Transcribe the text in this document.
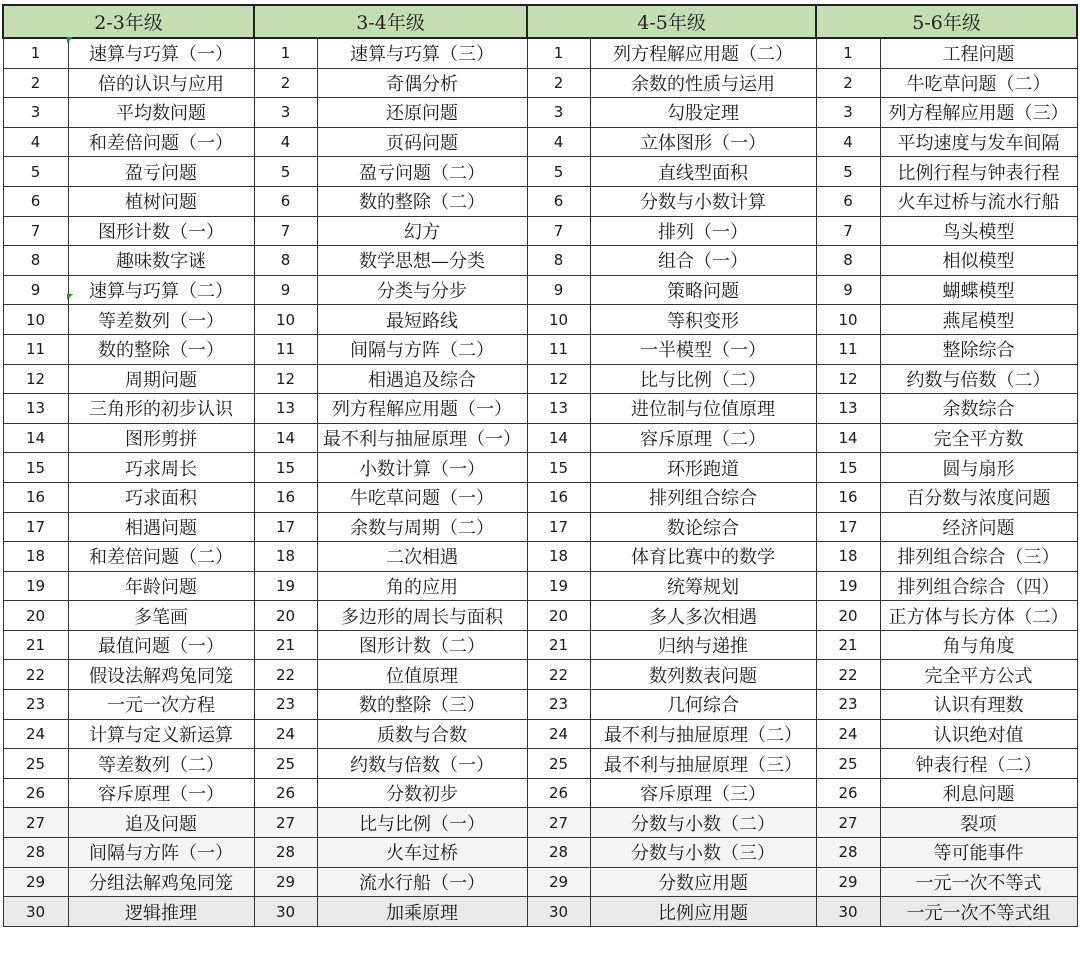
2-3年级		3-4年级		4-5年级		5-6年级	
1	速算与巧算（一）	1	速算与巧算（三）	1	列方程解应用题（二）	1	工程问题
2	倍的认识与应用	2	奇偶分析	2	余数的性质与运用	2	牛吃草问题（二）
3	平均数问题	3	还原问题	3	勾股定理	3	列方程解应用题（三）
4	和差倍问题（一）	4	页码问题	4	立体图形（一）	4	平均速度与发车间隔
5	盈亏问题	5	盈亏问题（二）	5	直线型面积	5	比例行程与钟表行程
6	植树问题	6	数的整除（二）	6	分数与小数计算	6	火车过桥与流水行船
7	图形计数（一）	7	幻方	7	排列（一）	7	鸟头模型
8	趣味数字谜	8	数学思想—分类	8	组合（一）	8	相似模型
9	速算与巧算（二）	9	分类与分步	9	策略问题	9	蝴蝶模型
10	等差数列（一）	10	最短路线	10	等积变形	10	燕尾模型
11	数的整除（一）	11	间隔与方阵（二）	11	一半模型（一）	11	整除综合
12	周期问题	12	相遇追及综合	12	比与比例（二）	12	约数与倍数（二）
13	三角形的初步认识	13	列方程解应用题（一）	13	进位制与位值原理	13	余数综合
14	图形剪拼	14	最不利与抽屉原理（一）	14	容斥原理（二）	14	完全平方数
15	巧求周长	15	小数计算（一）	15	环形跑道	15	圆与扇形
16	巧求面积	16	牛吃草问题（一）	16	排列组合综合	16	百分数与浓度问题
17	相遇问题	17	余数与周期（二）	17	数论综合	17	经济问题
18	和差倍问题（二）	18	二次相遇	18	体育比赛中的数学	18	排列组合综合（三）
19	年龄问题	19	角的应用	19	统筹规划	19	排列组合综合（四）
20	多笔画	20	多边形的周长与面积	20	多人多次相遇	20	正方体与长方体（二）
21	最值问题（一）	21	图形计数（二）	21	归纳与递推	21	角与角度
22	假设法解鸡兔同笼	22	位值原理	22	数列数表问题	22	完全平方公式
23	一元一次方程	23	数的整除（三）	23	几何综合	23	认识有理数
24	计算与定义新运算	24	质数与合数	24	最不利与抽屉原理（二）	24	认识绝对值
25	等差数列（二）	25	约数与倍数（一）	25	最不利与抽屉原理（三）	25	钟表行程（二）
26	容斥原理（一）	26	分数初步	26	容斥原理（三）	26	利息问题
27	追及问题	27	比与比例（一）	27	分数与小数（二）	27	裂项
28	间隔与方阵（一）	28	火车过桥	28	分数与小数（三）	28	等可能事件
29	分组法解鸡兔同笼	29	流水行船（一）	29	分数应用题	29	一元一次不等式
30	逻辑推理	30	加乘原理	30	比例应用题	30	一元一次不等式组
